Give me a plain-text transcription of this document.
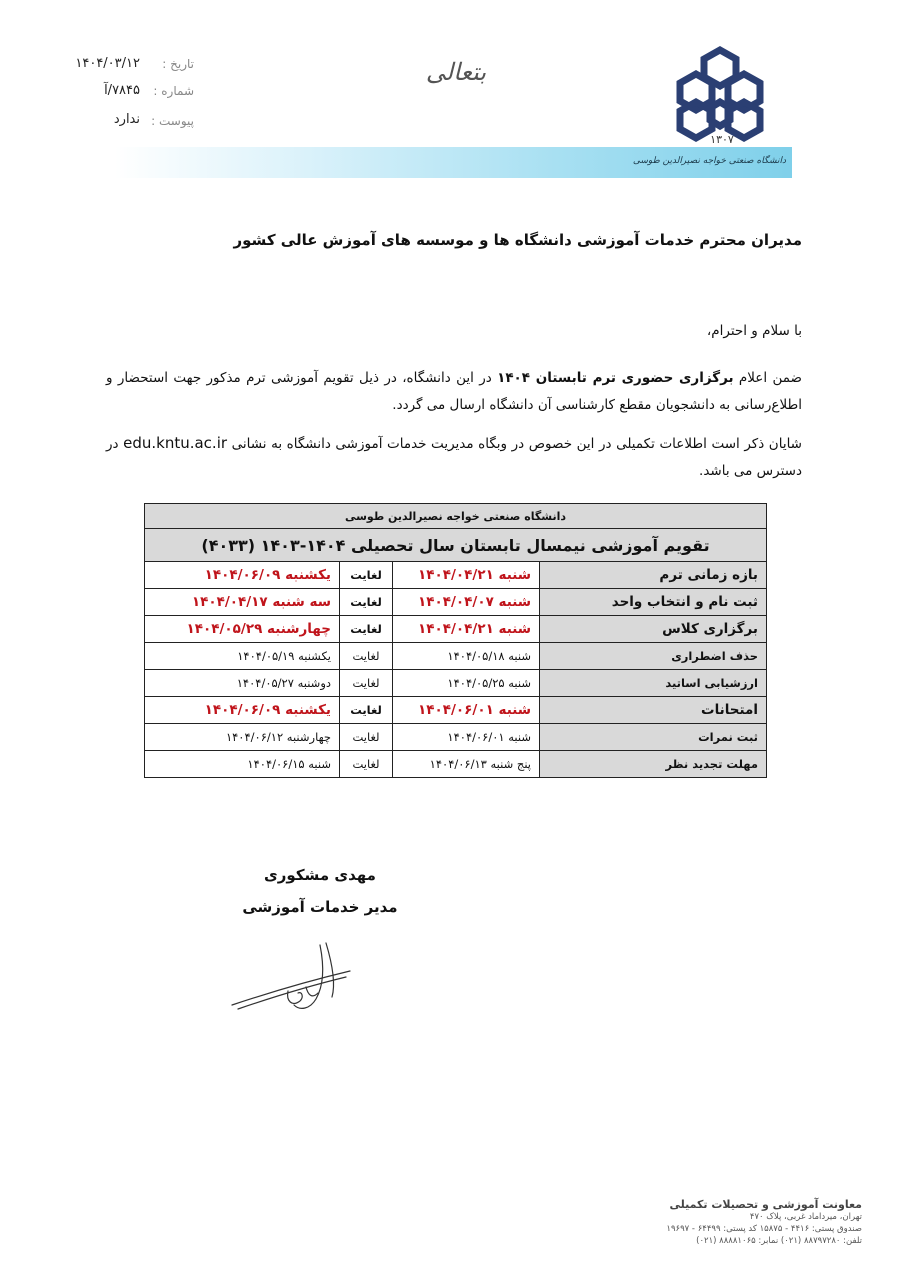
تاریخ :
۱۴۰۴/۰۳/۱۲
شماره :
۷۸۴۵/آ
پیوست :
ندارد
بتعالی
۱۳۰۷
دانشگاه صنعتی خواجه نصیرالدین طوسی
مدیران محترم خدمات آموزشی دانشگاه ها و موسسه های آموزش عالی کشور
با سلام و احترام،
ضمن اعلام برگزاری حضوری ترم تابستان ۱۴۰۴ در این دانشگاه، در ذیل تقویم آموزشی ترم مذکور جهت استحضار و اطلاع‌رسانی به دانشجویان مقطع کارشناسی آن دانشگاه ارسال می گردد.
شایان ذکر است اطلاعات تکمیلی در این خصوص در وبگاه مدیریت خدمات آموزشی دانشگاه به نشانی edu.kntu.ac.ir در دسترس می باشد.
دانشگاه صنعتی خواجه نصیرالدین طوسی			
تقویم آموزشی نیمسال تابستان سال تحصیلی ۱۴۰۴-۱۴۰۳ (۴۰۳۳)			
بازه زمانی ترم	شنبه ۱۴۰۴/۰۴/۲۱	لغایت	یکشنبه ۱۴۰۴/۰۶/۰۹
ثبت نام و انتخاب واحد	شنبه ۱۴۰۴/۰۴/۰۷	لغایت	سه شنبه ۱۴۰۴/۰۴/۱۷
برگزاری کلاس	شنبه ۱۴۰۴/۰۴/۲۱	لغایت	چهارشنبه ۱۴۰۴/۰۵/۲۹
حذف اضطراری	شنبه ۱۴۰۴/۰۵/۱۸	لغایت	یکشنبه ۱۴۰۴/۰۵/۱۹
ارزشیابی اساتید	شنبه ۱۴۰۴/۰۵/۲۵	لغایت	دوشنبه ۱۴۰۴/۰۵/۲۷
امتحانات	شنبه ۱۴۰۴/۰۶/۰۱	لغایت	یکشنبه ۱۴۰۴/۰۶/۰۹
ثبت نمرات	شنبه ۱۴۰۴/۰۶/۰۱	لغایت	چهارشنبه ۱۴۰۴/۰۶/۱۲
مهلت تجدید نظر	پنج شنبه ۱۴۰۴/۰۶/۱۳	لغایت	شنبه ۱۴۰۴/۰۶/۱۵
مهدی مشکوری
مدیر خدمات آموزشی
معاونت آموزشی و تحصیلات تکمیلی
تهران، میرداماد غربی، پلاک ۴۷۰
صندوق پستی: ۴۴۱۶ - ۱۵۸۷۵ کد پستی: ۶۴۴۹۹ - ۱۹۶۹۷
تلفن: ۸۸۷۹۷۲۸۰ (۰۲۱) نمابر: ۸۸۸۸۱۰۶۵ (۰۲۱)
